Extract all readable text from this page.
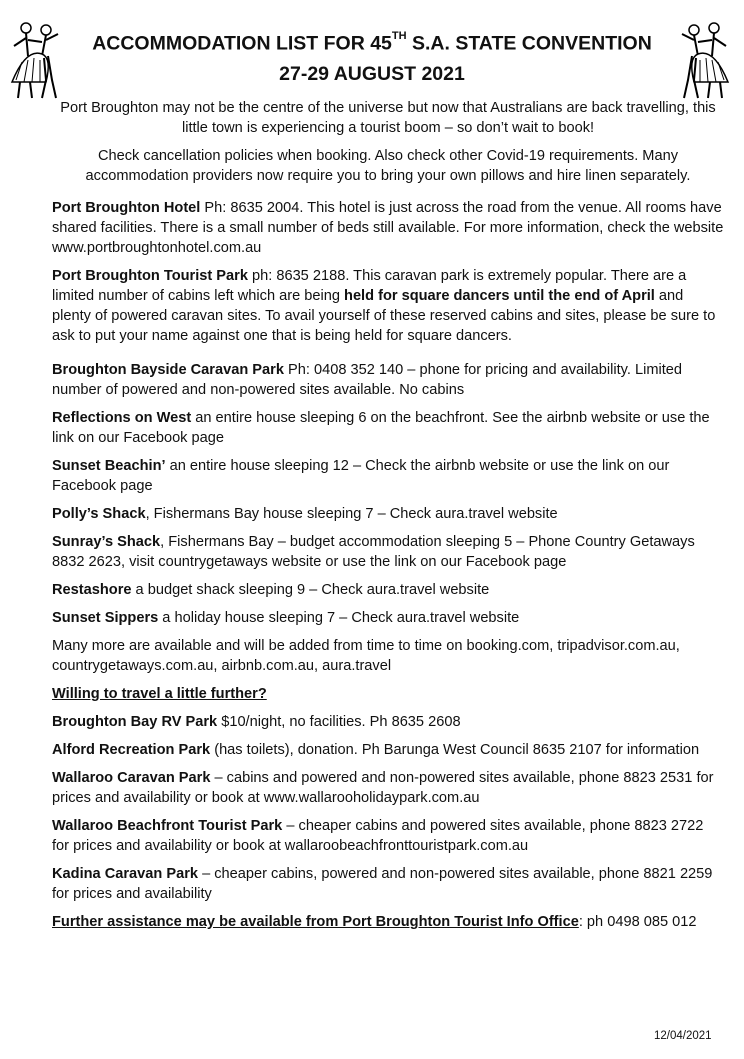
ACCOMMODATION LIST FOR 45TH S.A. STATE CONVENTION
27-29 AUGUST 2021

Port Broughton may not be the centre of the universe but now that Australians are back travelling, this little town is experiencing a tourist boom – so don’t wait to book!

Check cancellation policies when booking. Also check other Covid-19 requirements. Many accommodation providers now require you to bring your own pillows and hire linen separately.

Port Broughton Hotel Ph: 8635 2004. This hotel is just across the road from the venue. All rooms have shared facilities. There is a small number of beds still available. For more information, check the website www.portbroughtonhotel.com.au

Port Broughton Tourist Park ph: 8635 2188. This caravan park is extremely popular. There are a limited number of cabins left which are being held for square dancers until the end of April and plenty of powered caravan sites. To avail yourself of these reserved cabins and sites, please be sure to ask to put your name against one that is being held for square dancers.

Broughton Bayside Caravan Park Ph: 0408 352 140 – phone for pricing and availability. Limited number of powered and non-powered sites available. No cabins

Reflections on West an entire house sleeping 6 on the beachfront. See the airbnb website or use the link on our Facebook page

Sunset Beachin’ an entire house sleeping 12 – Check the airbnb website or use the link on our Facebook page

Polly’s Shack, Fishermans Bay house sleeping 7 – Check aura.travel website

Sunray’s Shack, Fishermans Bay – budget accommodation sleeping 5 – Phone Country Getaways 8832 2623, visit countrygetaways website or use the link on our Facebook page

Restashore a budget shack sleeping 9 – Check aura.travel website

Sunset Sippers a holiday house sleeping 7 – Check aura.travel website

Many more are available and will be added from time to time on booking.com, tripadvisor.com.au, countrygetaways.com.au, airbnb.com.au, aura.travel

Willing to travel a little further?

Broughton Bay RV Park $10/night, no facilities. Ph 8635 2608

Alford Recreation Park (has toilets), donation. Ph Barunga West Council 8635 2107 for information

Wallaroo Caravan Park – cabins and powered and non-powered sites available, phone 8823 2531 for prices and availability or book at www.wallarooholidaypark.com.au

Wallaroo Beachfront Tourist Park – cheaper cabins and powered sites available, phone 8823 2722 for prices and availability or book at wallaroobeachfronttouristpark.com.au

Kadina Caravan Park – cheaper cabins, powered and non-powered sites available, phone 8821 2259 for prices and availability

Further assistance may be available from Port Broughton Tourist Info Office: ph 0498 085 012

12/04/2021
